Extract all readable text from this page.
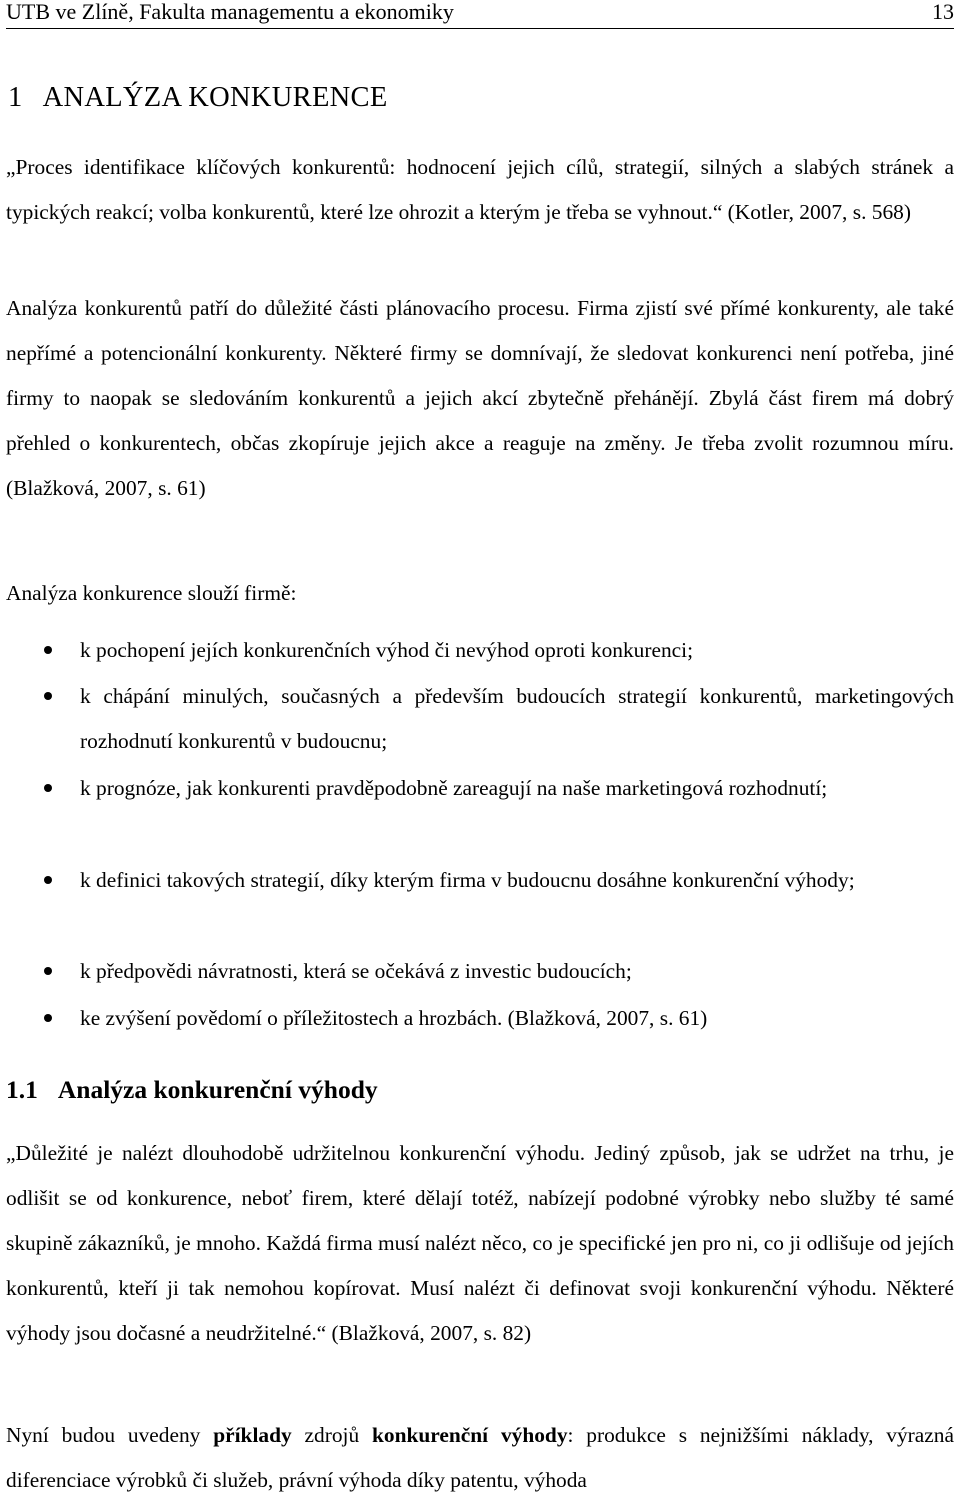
UTB ve Zlíně, Fakulta managementu a ekonomiky	13
1 ANALÝZA KONKURENCE

„Proces identifikace klíčových konkurentů: hodnocení jejich cílů, strategií, silných a slabých stránek a typických reakcí; volba konkurentů, které lze ohrozit a kterým je třeba se vyhnout.“ (Kotler, 2007, s. 568)

Analýza konkurentů patří do důležité části plánovacího procesu. Firma zjistí své přímé konkurenty, ale také nepřímé a potencionální konkurenty. Některé firmy se domnívají, že sledovat konkurenci není potřeba, jiné firmy to naopak se sledováním konkurentů a jejich akcí zbytečně přehánějí. Zbylá část firem má dobrý přehled o konkurentech, občas zkopíruje jejich akce a reaguje na změny. Je třeba zvolit rozumnou míru. (Blažková, 2007, s. 61)

Analýza konkurence slouží firmě:

k pochopení jejích konkurenčních výhod či nevýhod oproti konkurenci;

k chápání minulých, současných a především budoucích strategií konkurentů, marketingových rozhodnutí konkurentů v budoucnu;

k prognóze, jak konkurenti pravděpodobně zareagují na naše marketingová rozhodnutí;

k definici takových strategií, díky kterým firma v budoucnu dosáhne konkurenční výhody;

k předpovědi návratnosti, která se očekává z investic budoucích;

ke zvýšení povědomí o příležitostech a hrozbách. (Blažková, 2007, s. 61)

1.1 Analýza konkurenční výhody

„Důležité je nalézt dlouhodobě udržitelnou konkurenční výhodu. Jediný způsob, jak se udržet na trhu, je odlišit se od konkurence, neboť firem, které dělají totéž, nabízejí podobné výrobky nebo služby té samé skupině zákazníků, je mnoho. Každá firma musí nalézt něco, co je specifické jen pro ni, co ji odlišuje od jejích konkurentů, kteří ji tak nemohou kopírovat. Musí nalézt či definovat svoji konkurenční výhodu. Některé výhody jsou dočasné a neudržitelné.“ (Blažková, 2007, s. 82)

Nyní budou uvedeny příklady zdrojů konkurenční výhody: produkce s nejnižšími náklady, výrazná diferenciace výrobků či služeb, právní výhoda díky patentu, výhoda
